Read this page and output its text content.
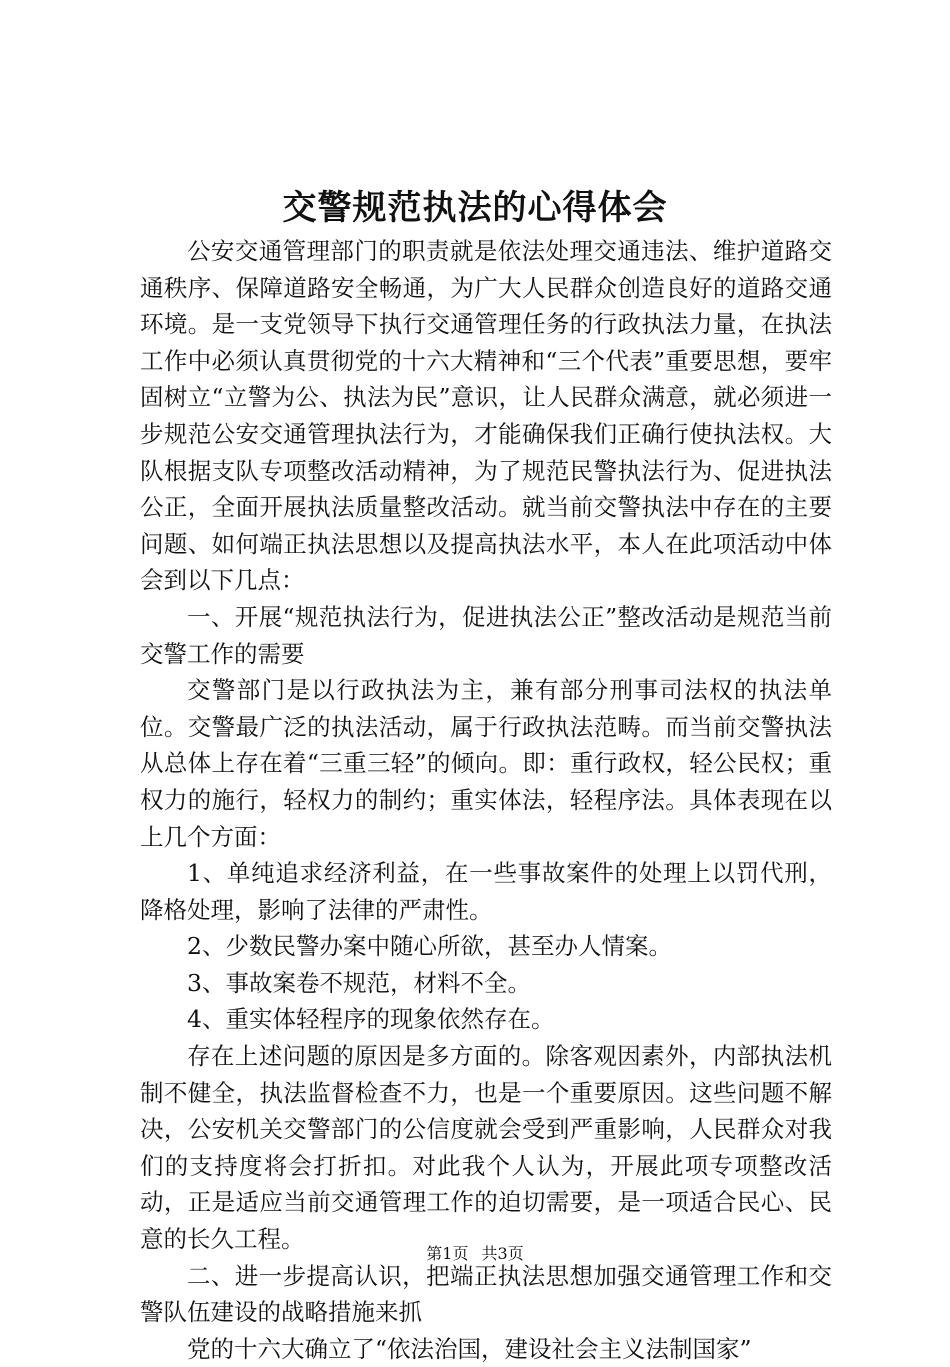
交警规范执法的心得体会

公安交通管理部门的职责就是依法处理交通违法、维护道路交通秩序、保障道路安全畅通，为广大人民群众创造良好的道路交通环境。是一支党领导下执行交通管理任务的行政执法力量，在执法工作中必须认真贯彻党的十六大精神和“三个代表”重要思想，要牢固树立“立警为公、执法为民”意识，让人民群众满意，就必须进一步规范公安交通管理执法行为，才能确保我们正确行使执法权。大队根据支队专项整改活动精神，为了规范民警执法行为、促进执法公正，全面开展执法质量整改活动。就当前交警执法中存在的主要问题、如何端正执法思想以及提高执法水平，本人在此项活动中体会到以下几点：

一、开展“规范执法行为，促进执法公正”整改活动是规范当前交警工作的需要

交警部门是以行政执法为主，兼有部分刑事司法权的执法单位。交警最广泛的执法活动，属于行政执法范畴。而当前交警执法从总体上存在着“三重三轻”的倾向。即：重行政权，轻公民权；重权力的施行，轻权力的制约；重实体法，轻程序法。具体表现在以上几个方面：

1、单纯追求经济利益，在一些事故案件的处理上以罚代刑，降格处理，影响了法律的严肃性。

2、少数民警办案中随心所欲，甚至办人情案。

3、事故案卷不规范，材料不全。

4、重实体轻程序的现象依然存在。

存在上述问题的原因是多方面的。除客观因素外，内部执法机制不健全，执法监督检查不力，也是一个重要原因。这些问题不解决，公安机关交警部门的公信度就会受到严重影响，人民群众对我们的支持度将会打折扣。对此我个人认为，开展此项专项整改活动，正是适应当前交通管理工作的迫切需要，是一项适合民心、民意的长久工程。

二、进一步提高认识，把端正执法思想加强交通管理工作和交警队伍建设的战略措施来抓

党的十六大确立了“依法治国，建设社会主义法制国家”

第1页 共3页
